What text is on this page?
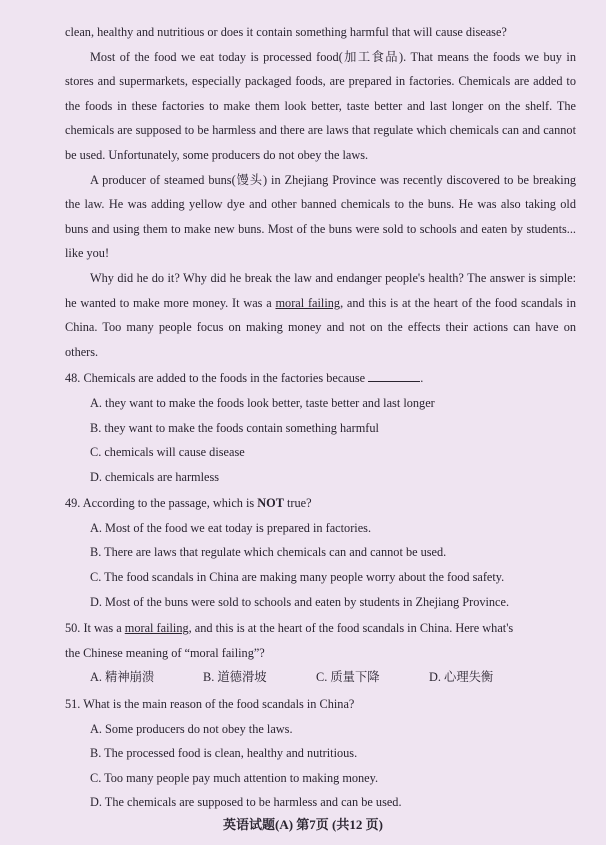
clean, healthy and nutritious or does it contain something harmful that will cause disease?

Most of the food we eat today is processed food(加工食品). That means the foods we buy in stores and supermarkets, especially packaged foods, are prepared in factories. Chemicals are added to the foods in these factories to make them look better, taste better and last longer on the shelf. The chemicals are supposed to be harmless and there are laws that regulate which chemicals can and cannot be used. Unfortunately, some producers do not obey the laws.

A producer of steamed buns(馒头) in Zhejiang Province was recently discovered to be breaking the law. He was adding yellow dye and other banned chemicals to the buns. He was also taking old buns and using them to make new buns. Most of the buns were sold to schools and eaten by students... like you!

Why did he do it? Why did he break the law and endanger people's health? The answer is simple: he wanted to make more money. It was a moral failing, and this is at the heart of the food scandals in China. Too many people focus on making money and not on the effects their actions can have on others.

48. Chemicals are added to the foods in the factories because	.

A. they want to make the foods look better, taste better and last longer

B. they want to make the foods contain something harmful

C. chemicals will cause disease

D. chemicals are harmless

49. According to the passage, which is NOT true?

A. Most of the food we eat today is prepared in factories.

B. There are laws that regulate which chemicals can and cannot be used.

C. The food scandals in China are making many people worry about the food safety.

D. Most of the buns were sold to schools and eaten by students in Zhejiang Province.

50. It was a moral failing, and this is at the heart of the food scandals in China. Here what's

the Chinese meaning of “moral failing”?

A. 精神崩溃	B. 道德滑坡	C. 质量下降	D. 心理失衡

51. What is the main reason of the food scandals in China?

A. Some producers do not obey the laws.

B. The processed food is clean, healthy and nutritious.

C. Too many people pay much attention to making money.

D. The chemicals are supposed to be harmless and can be used.

英语试题(A) 第7页 (共12 页)
